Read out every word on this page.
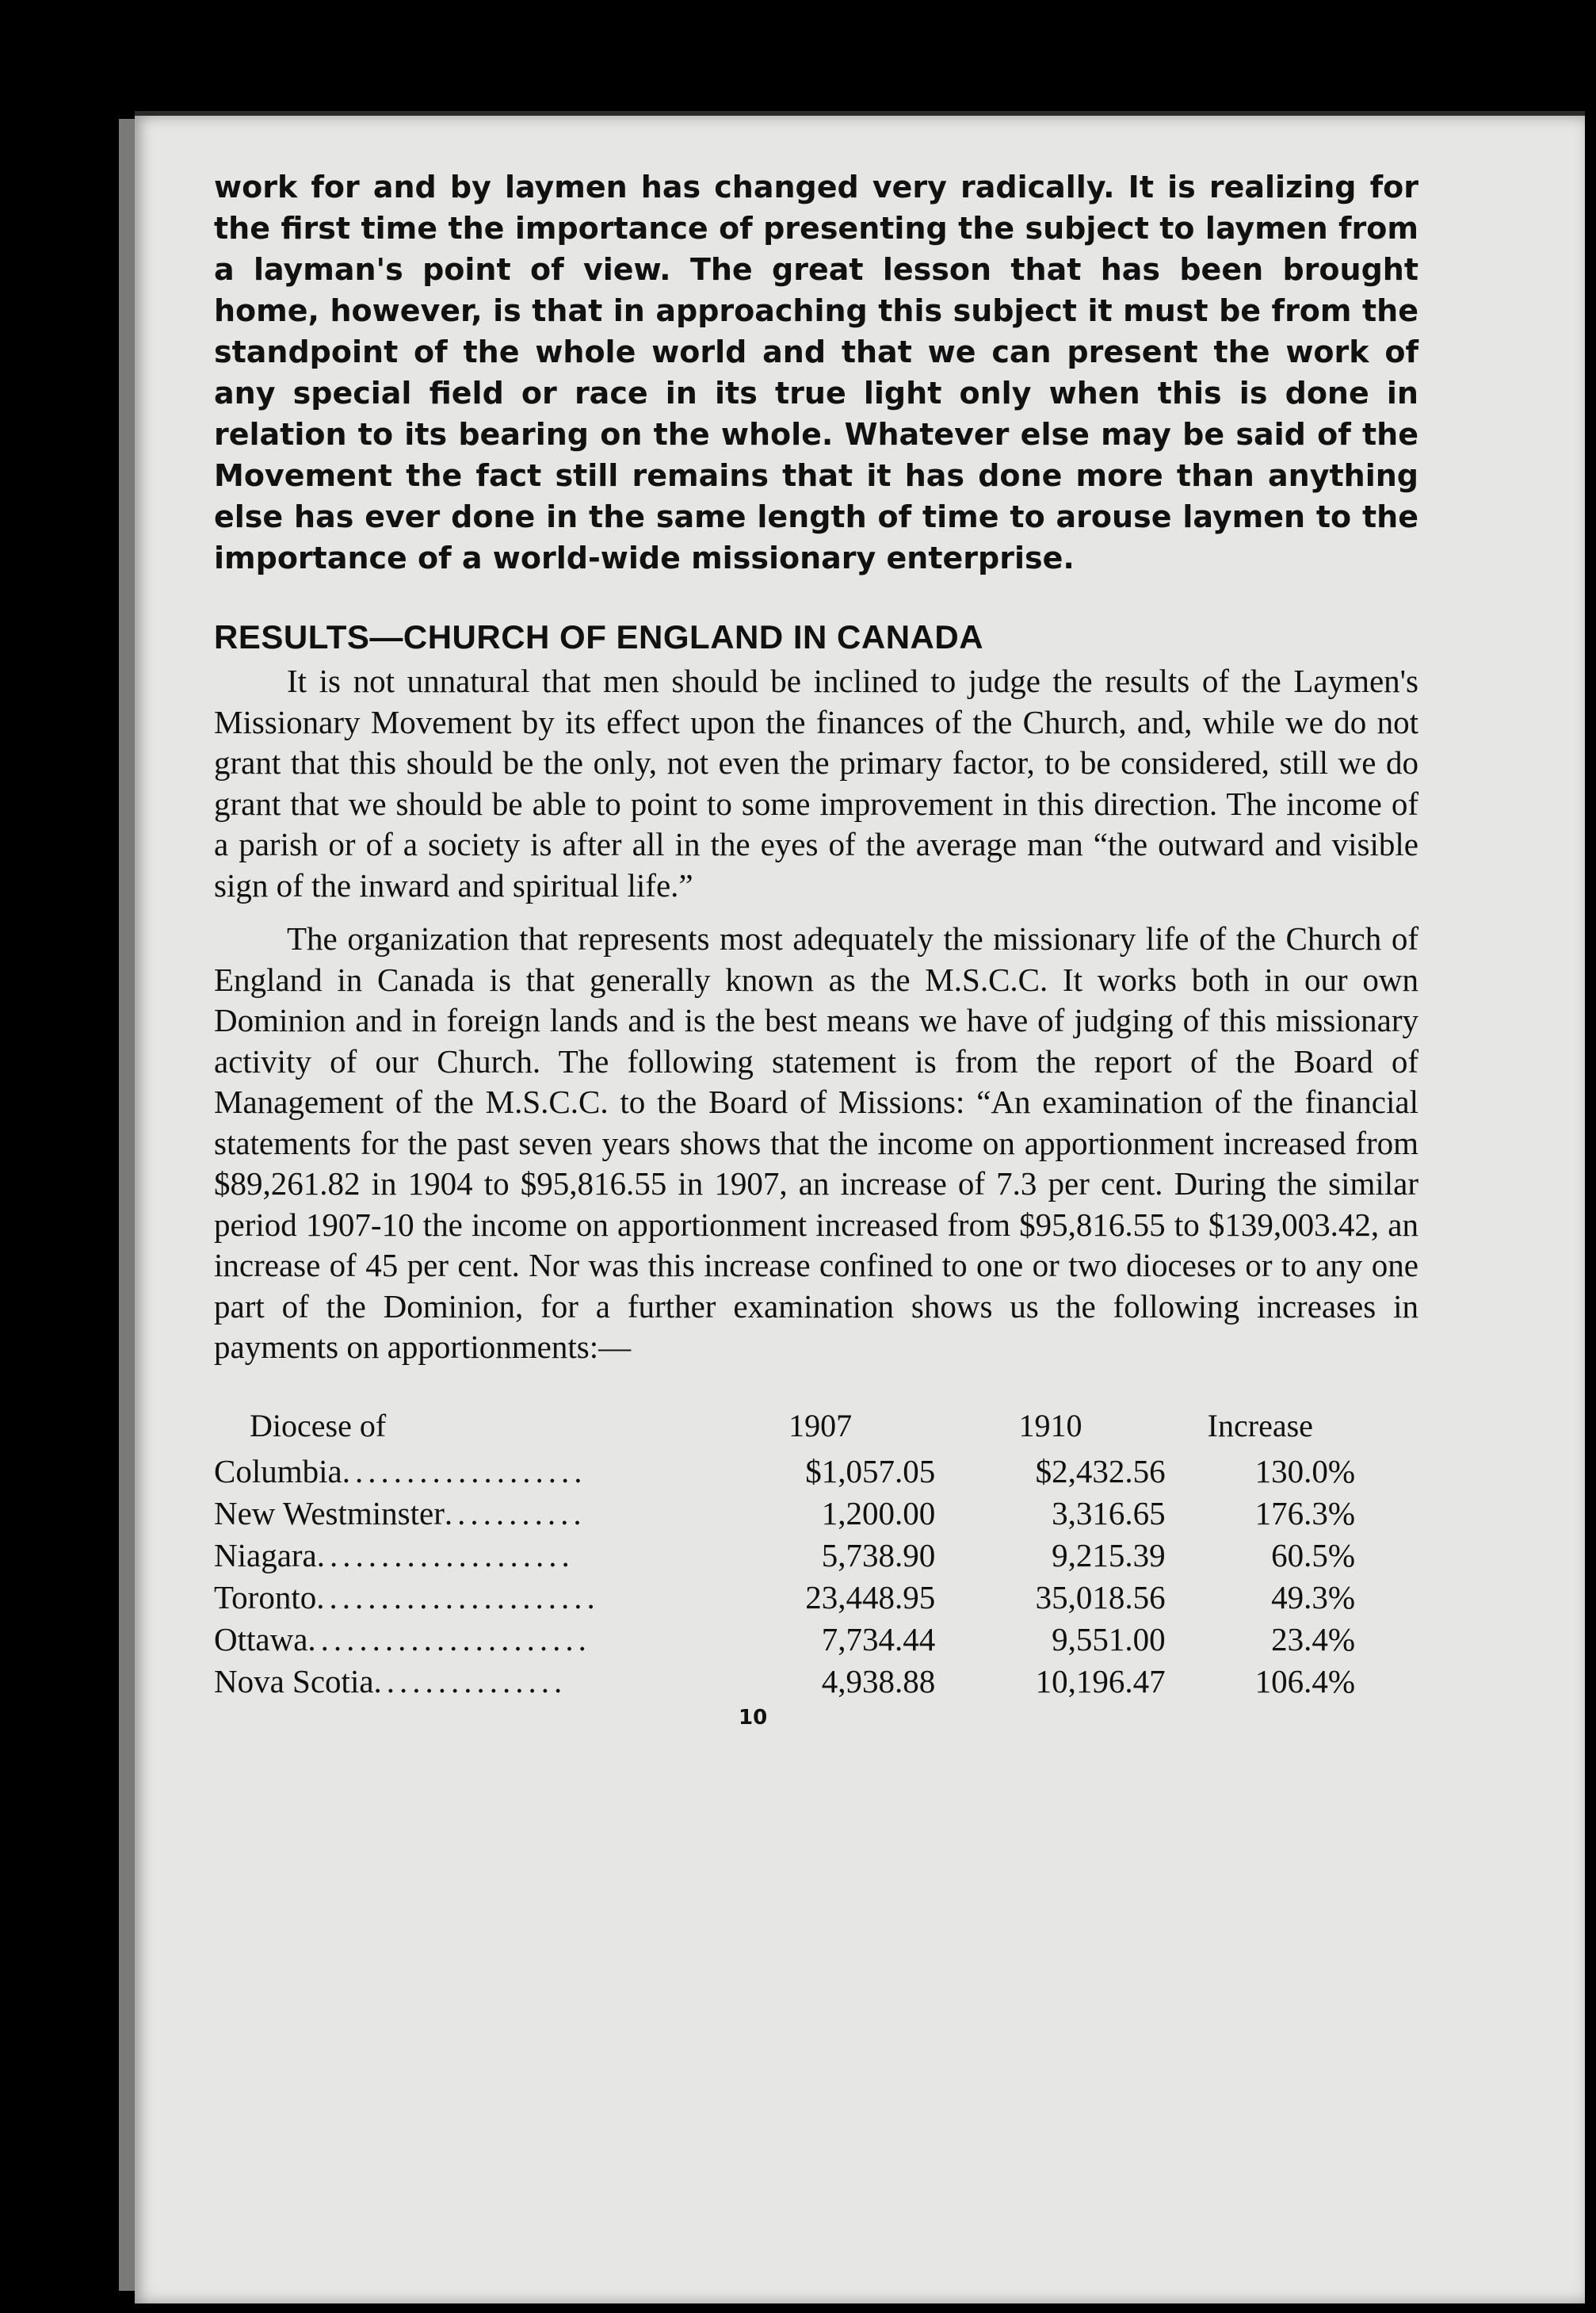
work for and by laymen has changed very radically. It is realizing for the first time the importance of presenting the subject to laymen from a layman's point of view. The great lesson that has been brought home, however, is that in approaching this subject it must be from the standpoint of the whole world and that we can present the work of any special field or race in its true light only when this is done in relation to its bearing on the whole. Whatever else may be said of the Movement the fact still remains that it has done more than anything else has ever done in the same length of time to arouse laymen to the importance of a world-wide missionary enterprise.

RESULTS—CHURCH OF ENGLAND IN CANADA

It is not unnatural that men should be inclined to judge the results of the Laymen's Missionary Movement by its effect upon the finances of the Church, and, while we do not grant that this should be the only, not even the primary factor, to be considered, still we do grant that we should be able to point to some improvement in this direction. The income of a parish or of a society is after all in the eyes of the average man “the outward and visible sign of the inward and spiritual life.”

The organization that represents most adequately the missionary life of the Church of England in Canada is that generally known as the M.S.C.C. It works both in our own Dominion and in foreign lands and is the best means we have of judging of this missionary activity of our Church. The following statement is from the report of the Board of Management of the M.S.C.C. to the Board of Missions: “An examination of the financial statements for the past seven years shows that the income on apportionment increased from $89,261.82 in 1904 to $95,816.55 in 1907, an increase of 7.3 per cent. During the similar period 1907-10 the income on apportionment increased from $95,816.55 to $139,003.42, an increase of 45 per cent. Nor was this increase confined to one or two dioceses or to any one part of the Dominion, for a further examination shows us the following increases in payments on apportionments:—

Diocese of	1907	1910	Increase
Columbia...................	$1,057.05	$2,432.56	130.0%
New Westminster...........	1,200.00	3,316.65	176.3%
Niagara....................	5,738.90	9,215.39	60.5%
Toronto......................	23,448.95	35,018.56	49.3%
Ottawa......................	7,734.44	9,551.00	23.4%
Nova Scotia...............	4,938.88	10,196.47	106.4%
10
